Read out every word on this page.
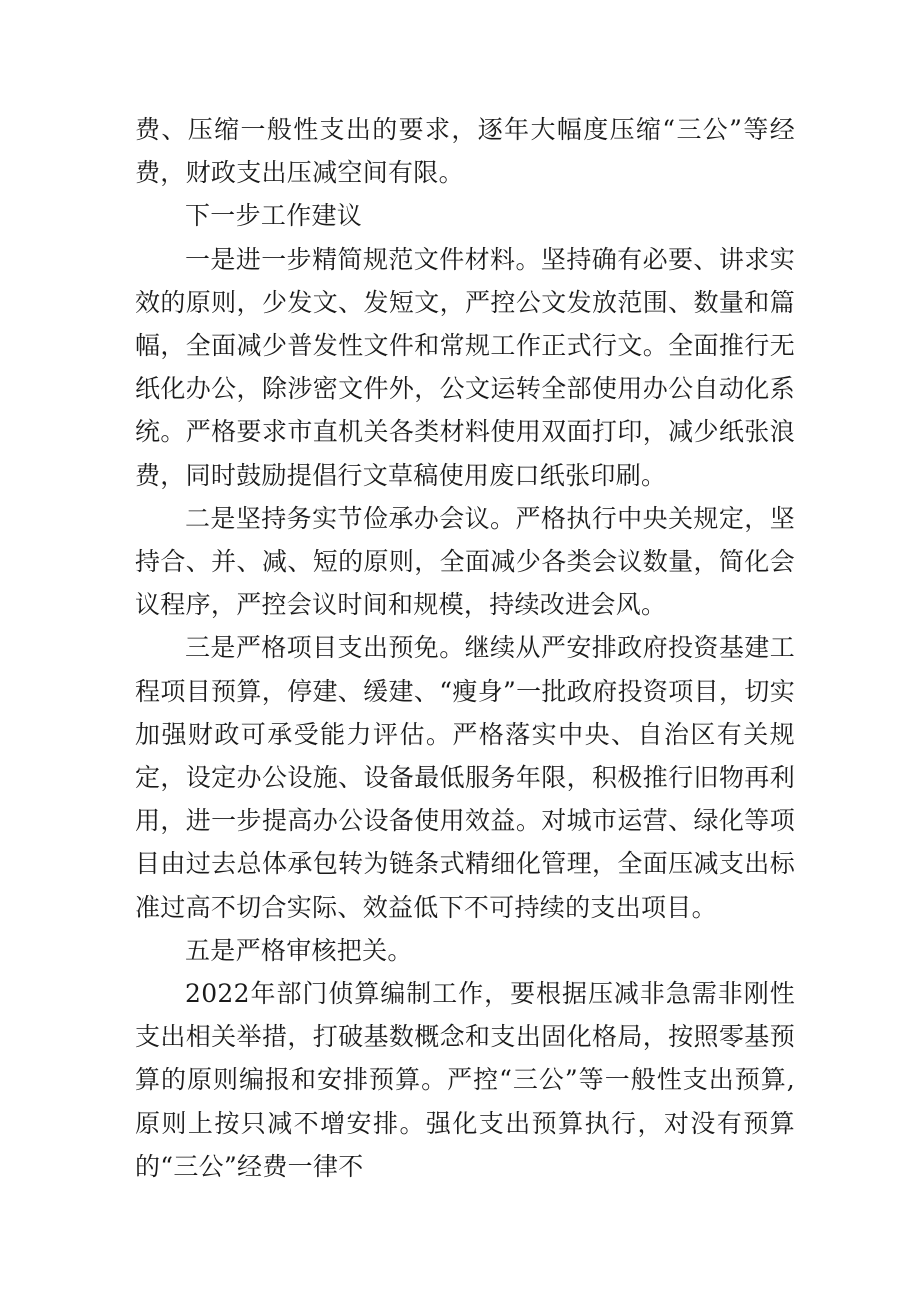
费、压缩一般性支出的要求，逐年大幅度压缩“三公”等经费，财政支出压减空间有限。

下一步工作建议

一是进一步精简规范文件材料。坚持确有必要、讲求实效的原则，少发文、发短文，严控公文发放范围、数量和篇幅，全面减少普发性文件和常规工作正式行文。全面推行无纸化办公，除涉密文件外，公文运转全部使用办公自动化系统。严格要求市直机关各类材料使用双面打印，减少纸张浪费，同时鼓励提倡行文草稿使用废口纸张印刷。

二是坚持务实节俭承办会议。严格执行中央关规定，坚持合、并、减、短的原则，全面减少各类会议数量，简化会议程序，严控会议时间和规模，持续改进会风。

三是严格项目支出预免。继续从严安排政府投资基建工程项目预算，停建、缓建、“瘦身”一批政府投资项目，切实加强财政可承受能力评估。严格落实中央、自治区有关规定，设定办公设施、设备最低服务年限，积极推行旧物再利用，进一步提高办公设备使用效益。对城市运营、绿化等项目由过去总体承包转为链条式精细化管理，全面压减支出标准过高不切合实际、效益低下不可持续的支出项目。

五是严格审核把关。

2022年部门侦算编制工作，要根据压减非急需非刚性支出相关举措，打破基数概念和支出固化格局，按照零基预算的原则编报和安排预算。严控“三公”等一般性支出预算,原则上按只减不增安排。强化支出预算执行，对没有预算的“三公”经费一律不
